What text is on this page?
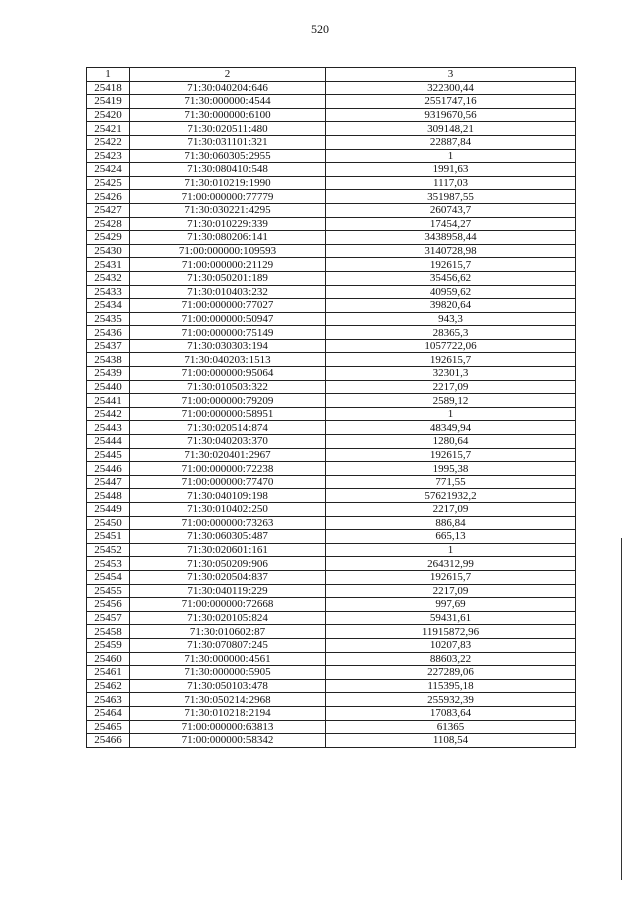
520
1	2	3
25418	71:30:040204:646	322300,44
25419	71:30:000000:4544	2551747,16
25420	71:30:000000:6100	9319670,56
25421	71:30:020511:480	309148,21
25422	71:30:031101:321	22887,84
25423	71:30:060305:2955	1
25424	71:30:080410:548	1991,63
25425	71:30:010219:1990	1117,03
25426	71:00:000000:77779	351987,55
25427	71:30:030221:4295	260743,7
25428	71:30:010229:339	17454,27
25429	71:30:080206:141	3438958,44
25430	71:00:000000:109593	3140728,98
25431	71:00:000000:21129	192615,7
25432	71:30:050201:189	35456,62
25433	71:30:010403:232	40959,62
25434	71:00:000000:77027	39820,64
25435	71:00:000000:50947	943,3
25436	71:00:000000:75149	28365,3
25437	71:30:030303:194	1057722,06
25438	71:30:040203:1513	192615,7
25439	71:00:000000:95064	32301,3
25440	71:30:010503:322	2217,09
25441	71:00:000000:79209	2589,12
25442	71:00:000000:58951	1
25443	71:30:020514:874	48349,94
25444	71:30:040203:370	1280,64
25445	71:30:020401:2967	192615,7
25446	71:00:000000:72238	1995,38
25447	71:00:000000:77470	771,55
25448	71:30:040109:198	57621932,2
25449	71:30:010402:250	2217,09
25450	71:00:000000:73263	886,84
25451	71:30:060305:487	665,13
25452	71:30:020601:161	1
25453	71:30:050209:906	264312,99
25454	71:30:020504:837	192615,7
25455	71:30:040119:229	2217,09
25456	71:00:000000:72668	997,69
25457	71:30:020105:824	59431,61
25458	71:30:010602:87	11915872,96
25459	71:30:070807:245	10207,83
25460	71:30:000000:4561	88603,22
25461	71:30:000000:5905	227289,06
25462	71:30:050103:478	115395,18
25463	71:30:050214:2968	255932,39
25464	71:30:010218:2194	17083,64
25465	71:00:000000:63813	61365
25466	71:00:000000:58342	1108,54
